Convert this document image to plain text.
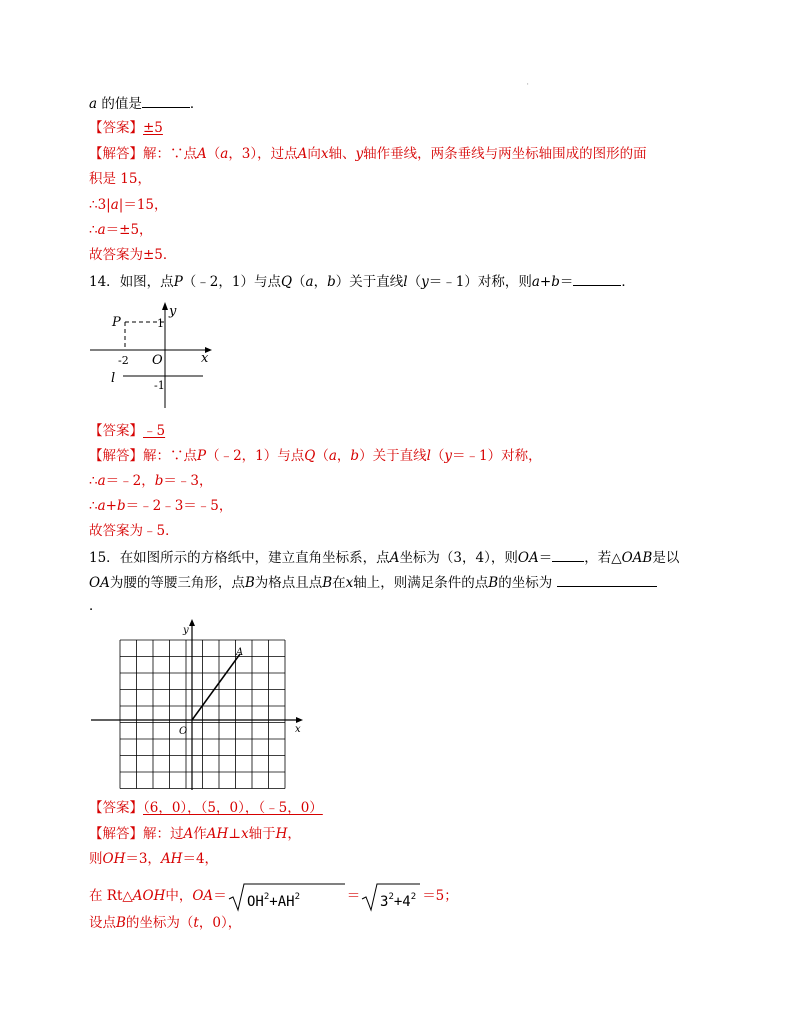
'
a 的值是	．
【答案】±5
【解答】解：∵点A（a，3），过点A向x轴、y轴作垂线，两条垂线与两坐标轴围成的图形的面
积是 15，
∴3|a|＝15，
∴a＝±5，
故答案为±5．
14．如图，点P（﹣2，1）与点Q（a，b）关于直线l（y＝﹣1）对称，则a+b＝	．
P
y
x
O
1
-2
-1
l
【答案】﹣5
【解答】解：∵点P（﹣2，1）与点Q（a，b）关于直线l（y＝﹣1）对称，
∴a＝﹣2，b＝﹣3，
∴a+b＝﹣2﹣3＝﹣5，
故答案为﹣5．
15．在如图所示的方格纸中，建立直角坐标系，点A坐标为（3，4），则OA＝ ，若△OAB是以
OA为腰的等腰三角形，点B为格点且点B在x轴上，则满足条件的点B的坐标为
．
y
x
O
A
【答案】（6，0），（5，0），（﹣5，0）
【解答】解：过A作AH⊥x轴于H，
则OH＝3，AH＝4，
在 Rt△AOH中，$OA= OH^2+AH^2$	＝ $3^2+4^2 =5$；
设点B的坐标为（t，0），
